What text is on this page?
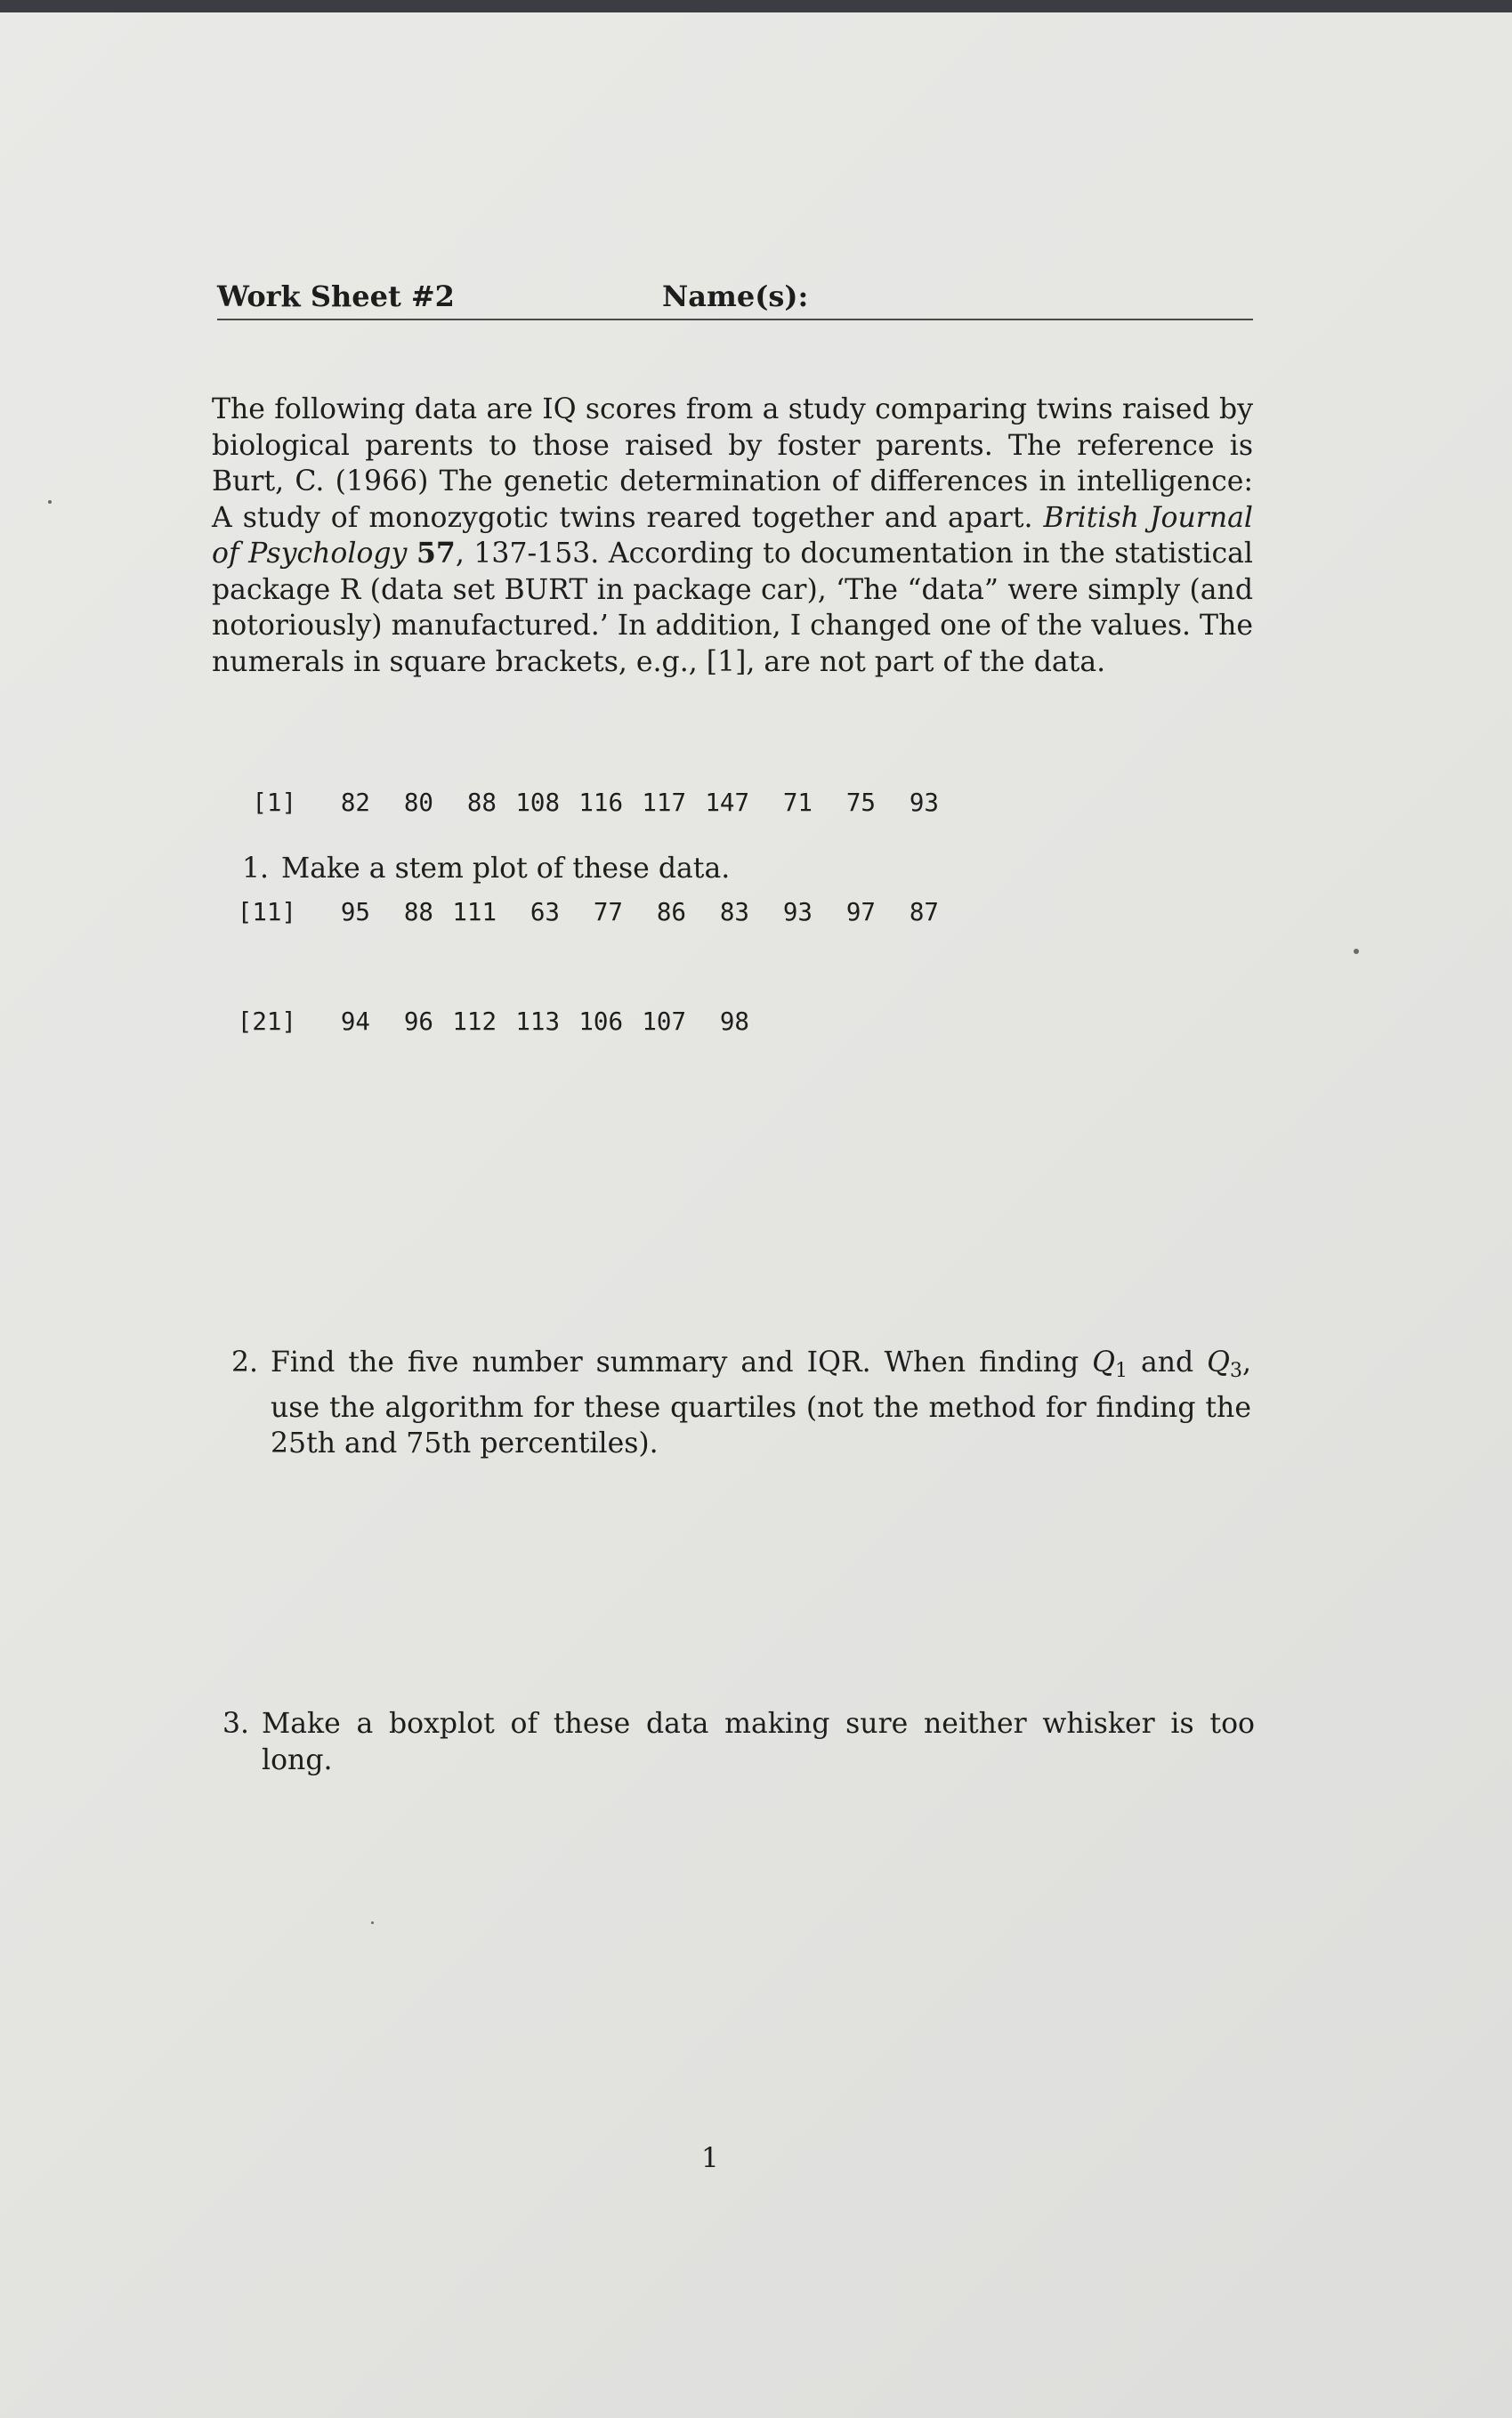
Work Sheet #2	Name(s):
The following data are IQ scores from a study comparing twins raised by biological parents to those raised by foster parents. The reference is Burt, C. (1966) The genetic determination of differences in intelligence: A study of monozygotic twins reared together and apart. British Journal of Psychology 57, 137-153. According to documentation in the statistical package R (data set BURT in package car), ‘The “data” were simply (and notoriously) manufactured.’ In addition, I changed one of the values. The numerals in square brackets, e.g., [1], are not part of the data.

[1]	82	80	88 108 116 117 147	71	75	93

[11]	95	88 111	63	77	86	83	93	97	87

[21]	94	96 112 113 106 107	98

1. Make a stem plot of these data.
2. Find the five number summary and IQR. When finding $Q_1$ and $Q_3$, use the algorithm for these quartiles (not the method for finding the 25th and 75th percentiles).
3. Make a boxplot of these data making sure neither whisker is too long.
1
